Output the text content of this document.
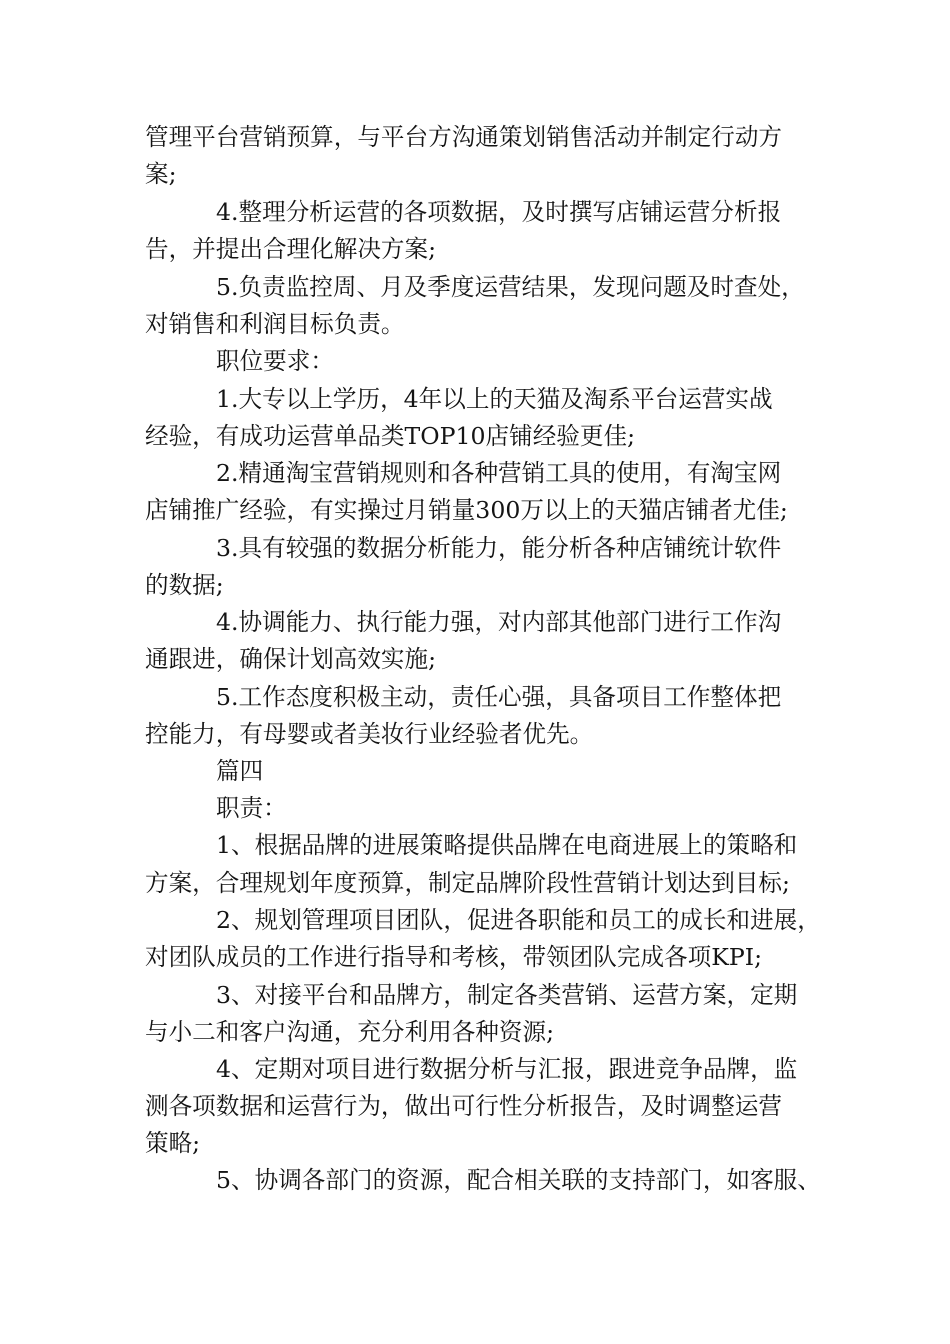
管理平台营销预算，与平台方沟通策划销售活动并制定行动方
案;
4.整理分析运营的各项数据，及时撰写店铺运营分析报
告，并提出合理化解决方案;
5.负责监控周、月及季度运营结果，发现问题及时查处，
对销售和利润目标负责。
职位要求：
1.大专以上学历，4年以上的天猫及淘系平台运营实战
经验，有成功运营单品类TOP10店铺经验更佳;
2.精通淘宝营销规则和各种营销工具的使用，有淘宝网
店铺推广经验，有实操过月销量300万以上的天猫店铺者尤佳;
3.具有较强的数据分析能力，能分析各种店铺统计软件
的数据;
4.协调能力、执行能力强，对内部其他部门进行工作沟
通跟进，确保计划高效实施;
5.工作态度积极主动，责任心强，具备项目工作整体把
控能力，有母婴或者美妆行业经验者优先。
篇四
职责：
1、根据品牌的进展策略提供品牌在电商进展上的策略和
方案，合理规划年度预算，制定品牌阶段性营销计划达到目标;
2、规划管理项目团队，促进各职能和员工的成长和进展，
对团队成员的工作进行指导和考核，带领团队完成各项KPI;
3、对接平台和品牌方，制定各类营销、运营方案，定期
与小二和客户沟通，充分利用各种资源;
4、定期对项目进行数据分析与汇报，跟进竞争品牌，监
测各项数据和运营行为，做出可行性分析报告，及时调整运营
策略;
5、协调各部门的资源，配合相关联的支持部门，如客服、
